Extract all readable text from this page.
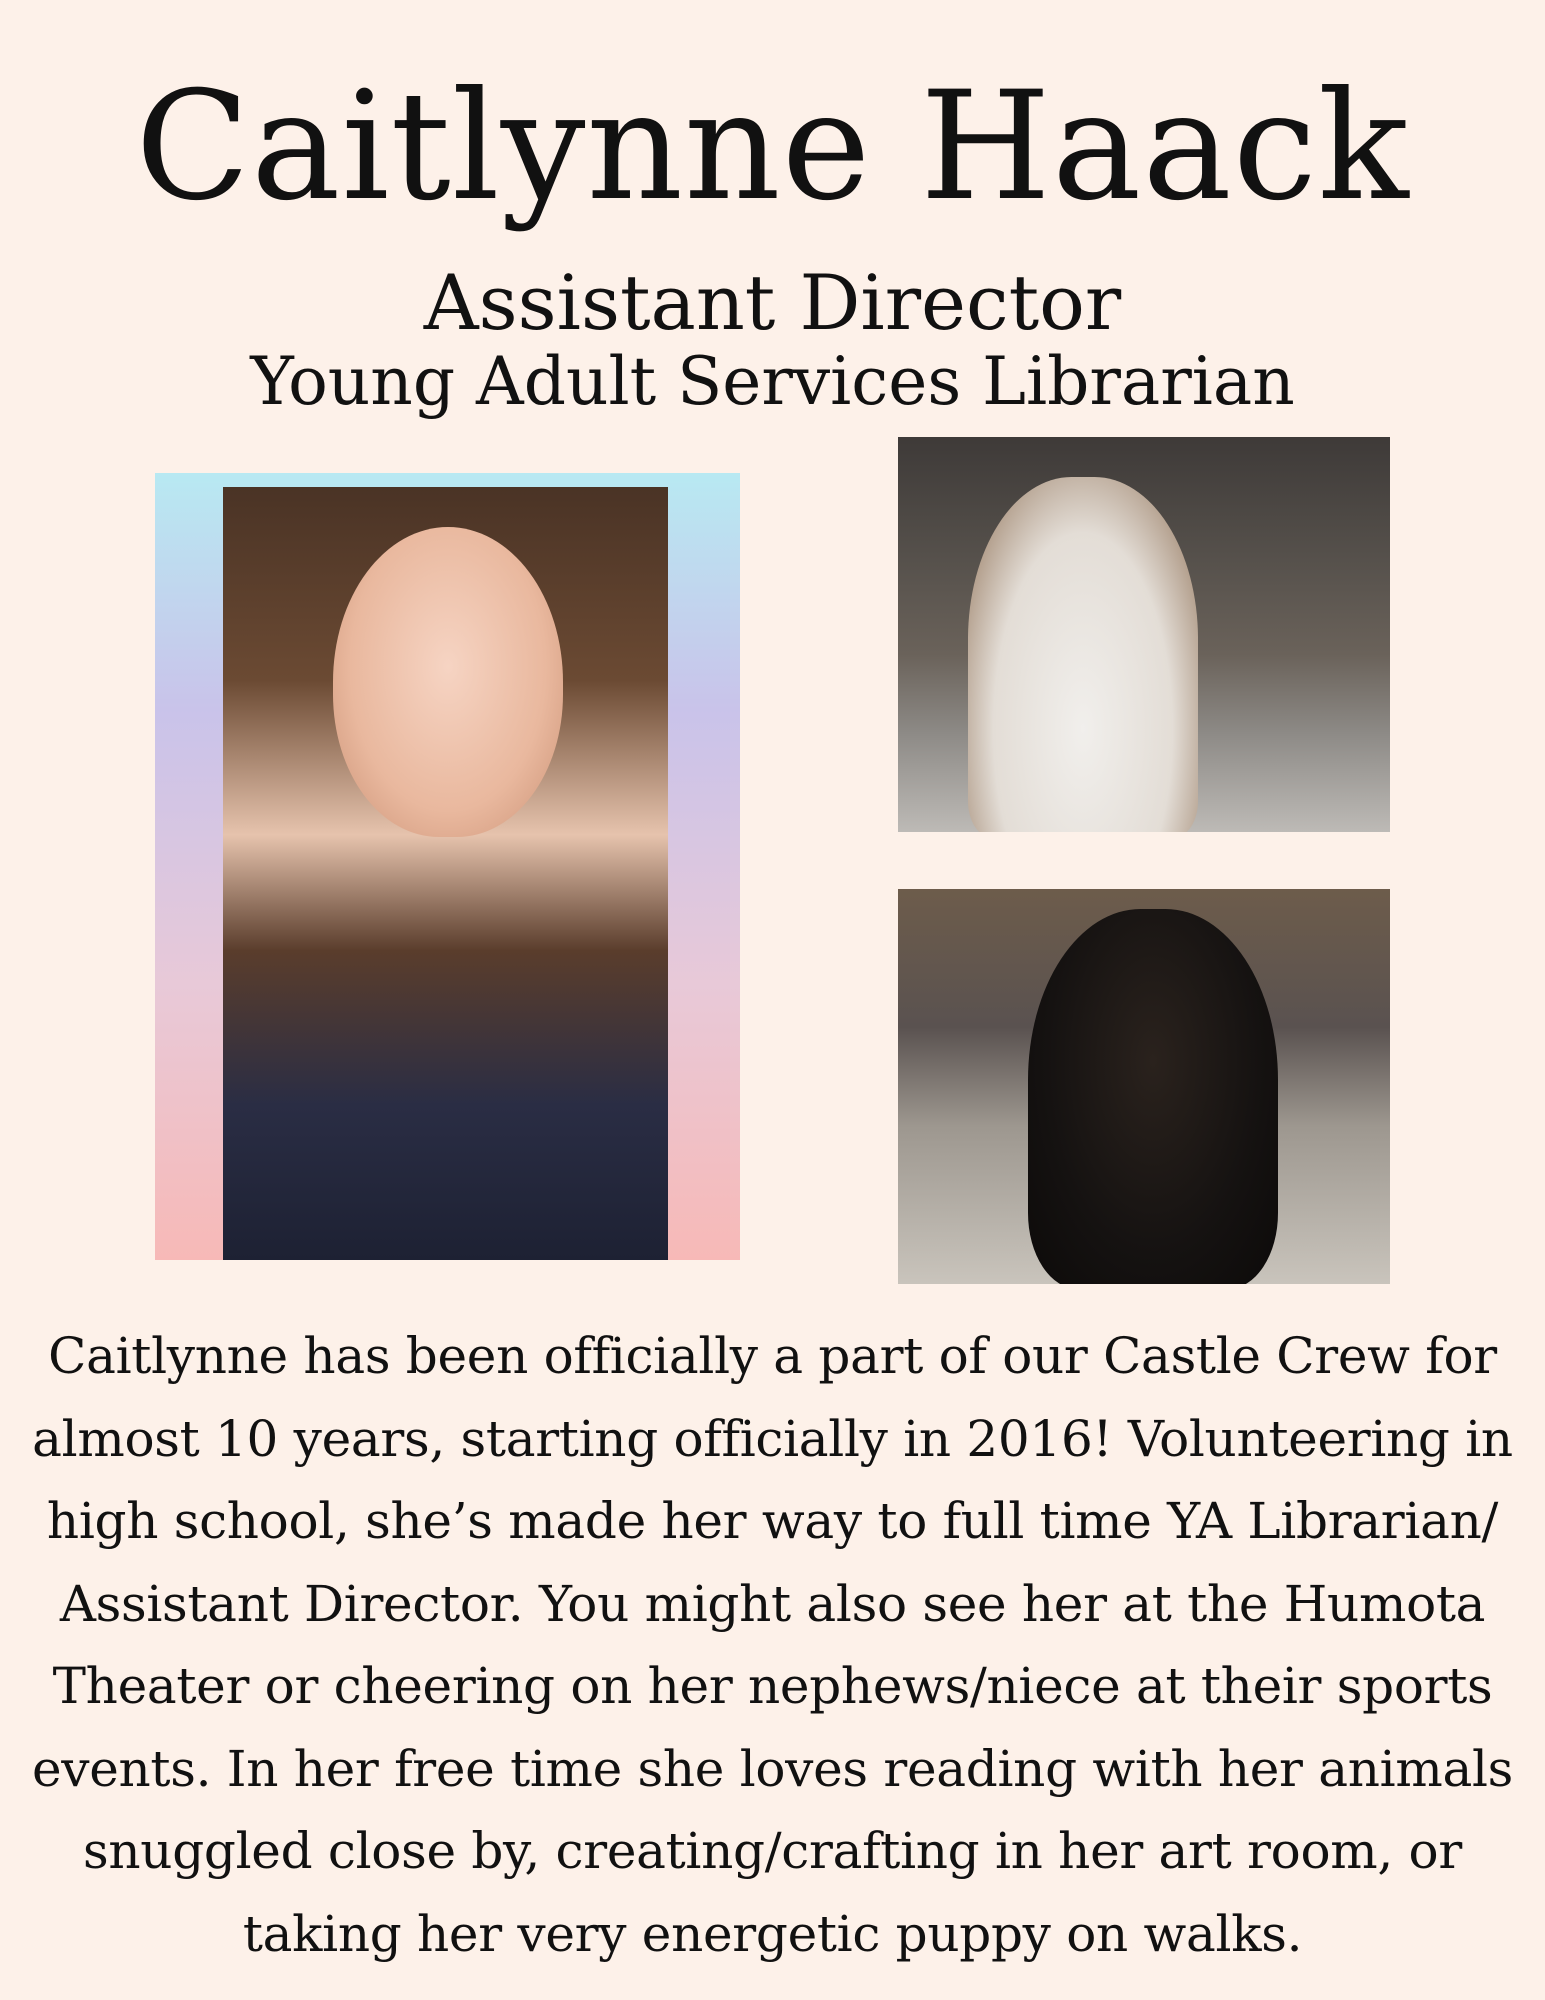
Caitlynne Haack
Assistant Director
Young Adult Services Librarian

Caitlynne has been officially a part of our Castle Crew for almost 10 years, starting officially in 2016! Volunteering in high school, she’s made her way to full time YA Librarian/ Assistant Director. You might also see her at the Humota Theater or cheering on her nephews/niece at their sports events. In her free time she loves reading with her animals snuggled close by, creating/crafting in her art room, or taking her very energetic puppy on walks.
